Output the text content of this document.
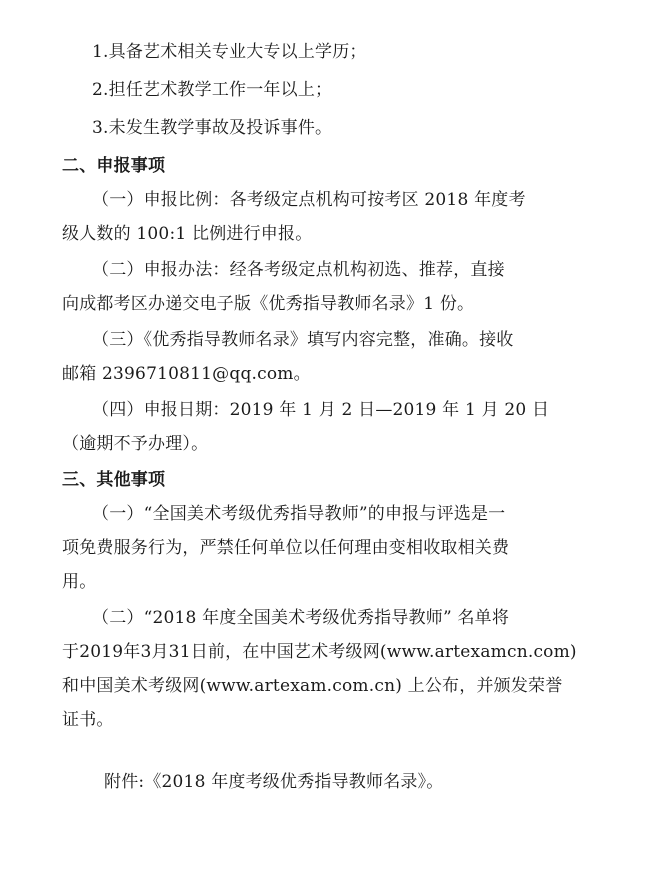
1.具备艺术相关专业大专以上学历；
2.担任艺术教学工作一年以上；
3.未发生教学事故及投诉事件。
二、申报事项
（一）申报比例：各考级定点机构可按考区 2018 年度考
级人数的 100:1 比例进行申报。
（二）申报办法：经各考级定点机构初选、推荐，直接
向成都考区办递交电子版《优秀指导教师名录》1 份。
（三）《优秀指导教师名录》填写内容完整，准确。接收
邮箱 2396710811@qq.com。
（四）申报日期：2019 年 1 月 2 日—2019 年 1 月 20 日
（逾期不予办理）。
三、其他事项
（一）“全国美术考级优秀指导教师”的申报与评选是一
项免费服务行为，严禁任何单位以任何理由变相收取相关费
用。
（二）“2018 年度全国美术考级优秀指导教师” 名单将
于2019年3月31日前，在中国艺术考级网(www.artexamcn.com)
和中国美术考级网(www.artexam.com.cn) 上公布，并颁发荣誉
证书。
附件:《2018 年度考级优秀指导教师名录》。
